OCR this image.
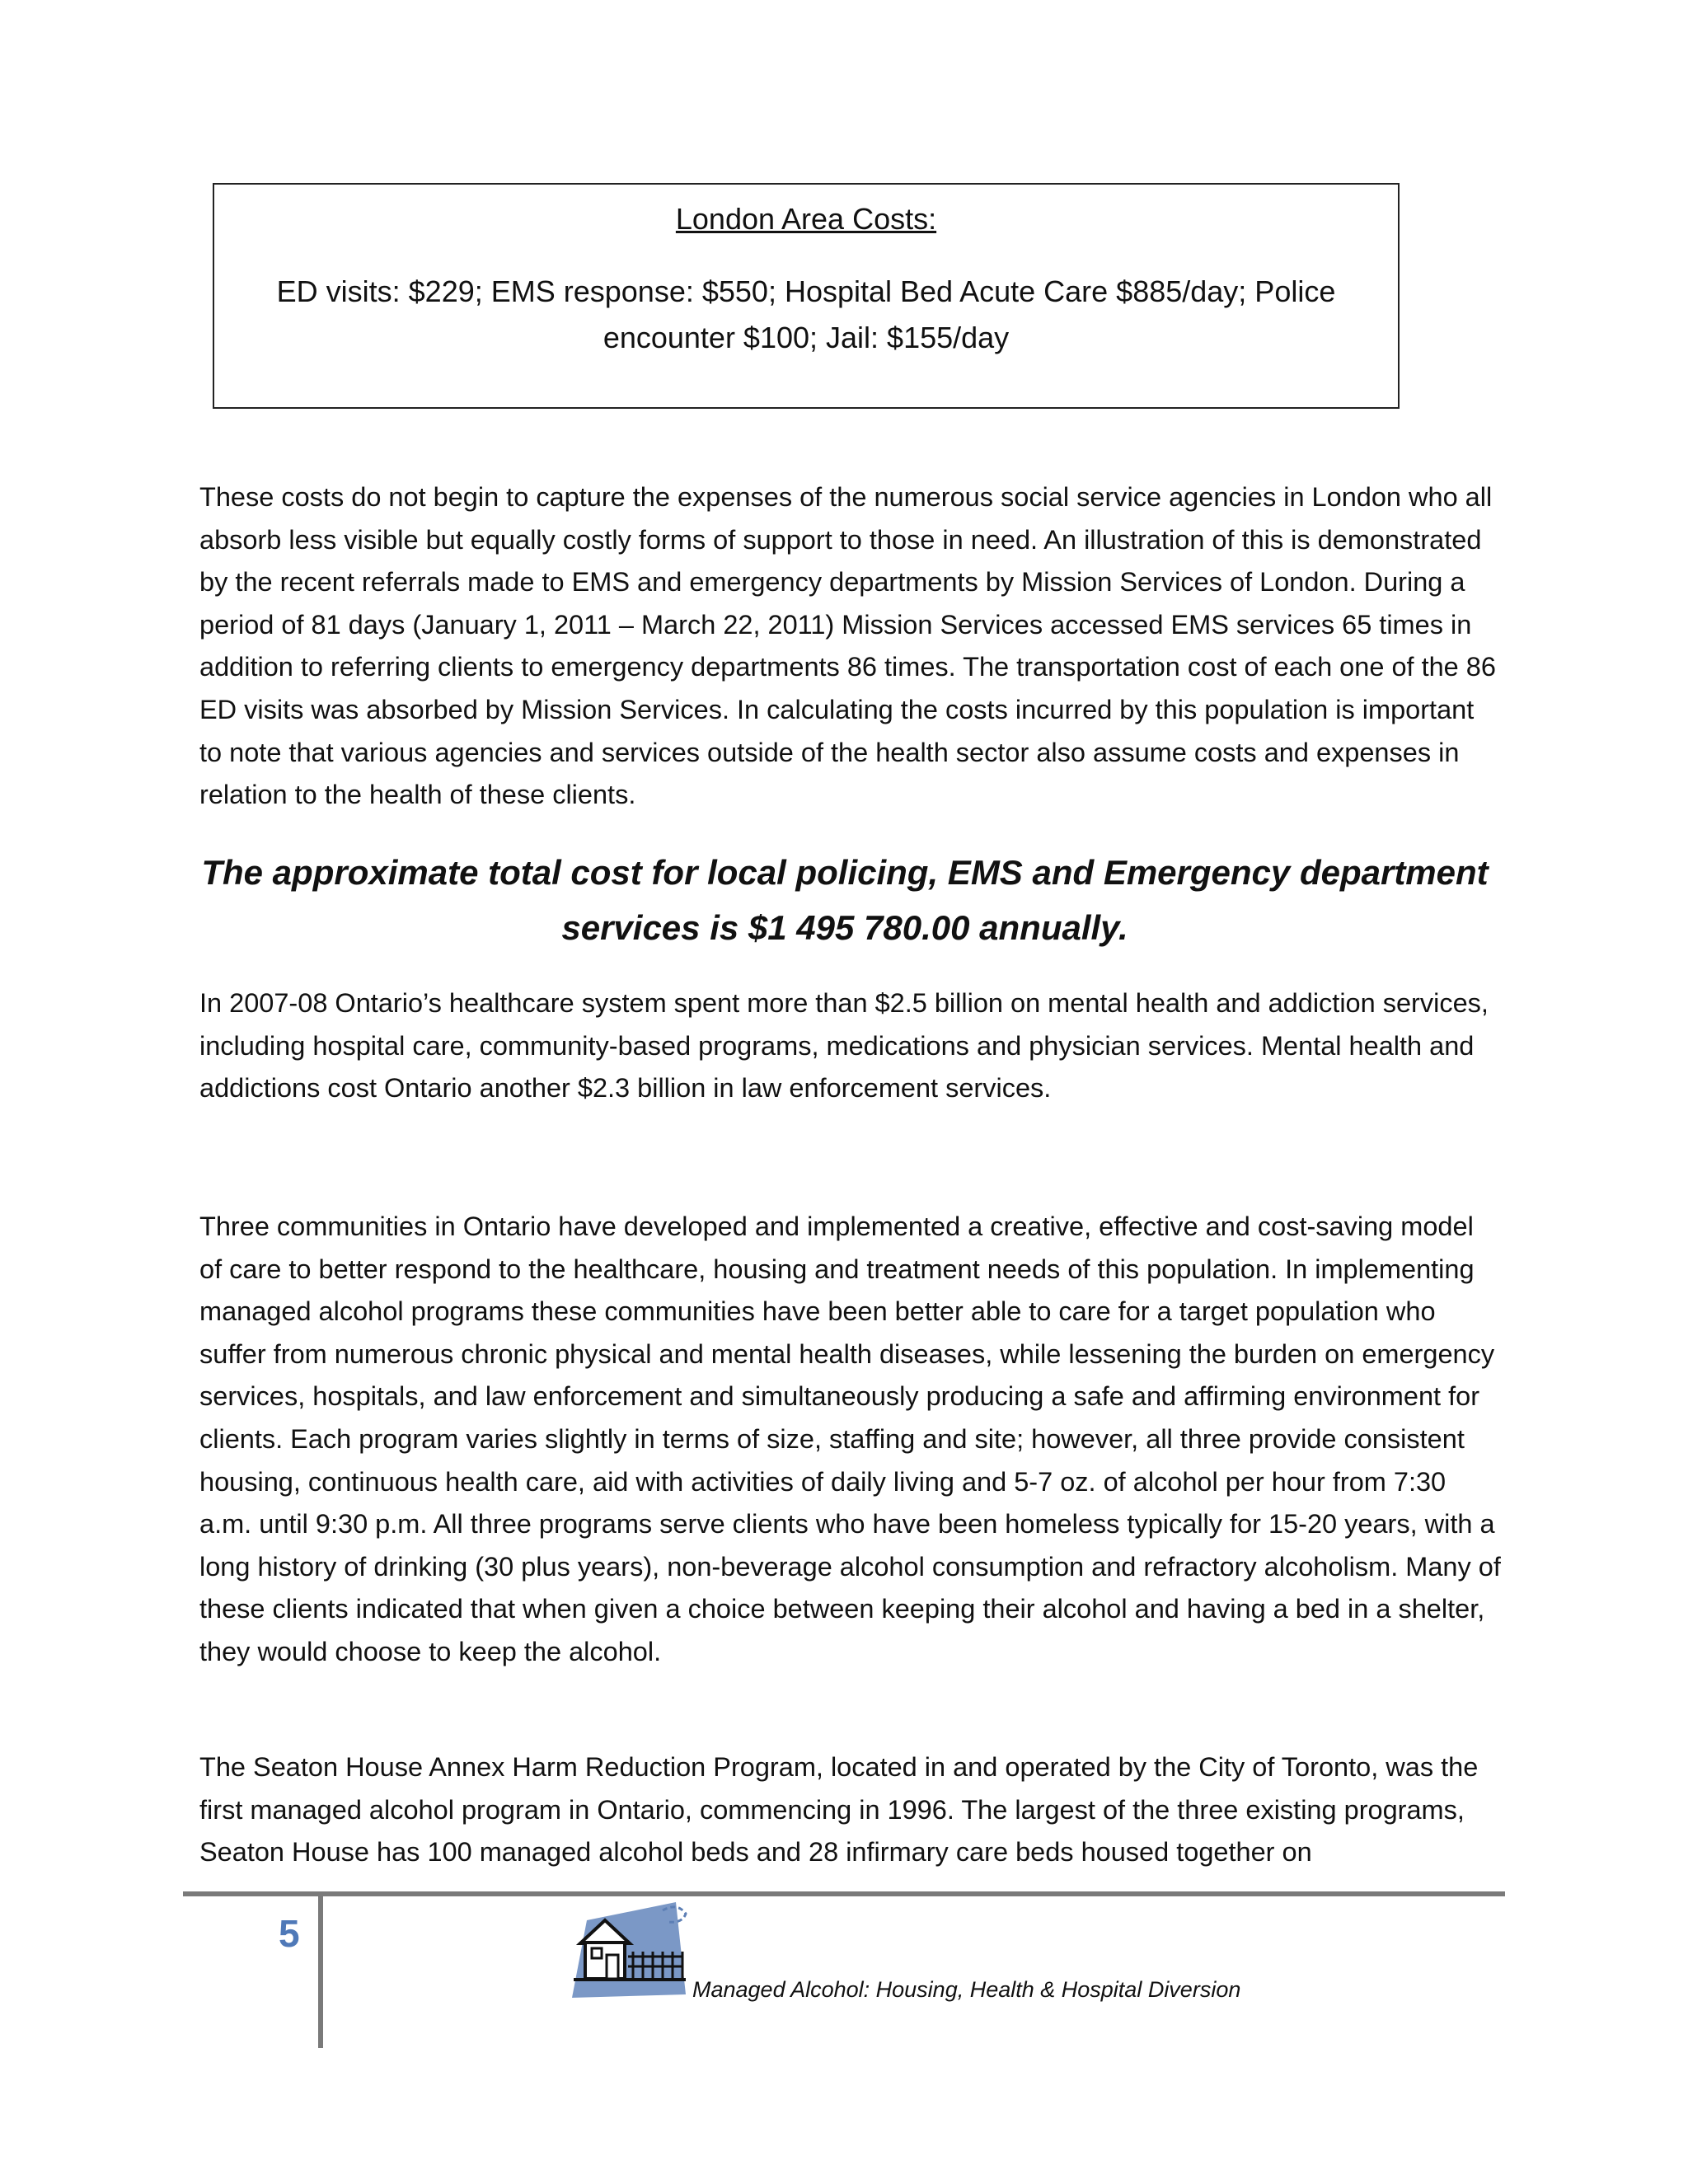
London Area Costs:
ED visits: $229; EMS response: $550; Hospital Bed Acute Care $885/day; Police
encounter $100; Jail: $155/day

These costs do not begin to capture the expenses of the numerous social service agencies in London who all absorb less visible but equally costly forms of support to those in need. An illustration of this is demonstrated by the recent referrals made to EMS and emergency departments by Mission Services of London. During a period of 81 days (January 1, 2011 – March 22, 2011) Mission Services accessed EMS services 65 times in addition to referring clients to emergency departments 86 times. The transportation cost of each one of the 86 ED visits was absorbed by Mission Services. In calculating the costs incurred by this population is important to note that various agencies and services outside of the health sector also assume costs and expenses in relation to the health of these clients.

The approximate total cost for local policing, EMS and Emergency department
services is $1 495 780.00 annually.

In 2007-08 Ontario’s healthcare system spent more than $2.5 billion on mental health and addiction services, including hospital care, community-based programs, medications and physician services. Mental health and addictions cost Ontario another $2.3 billion in law enforcement services.

Three communities in Ontario have developed and implemented a creative, effective and cost-saving model of care to better respond to the healthcare, housing and treatment needs of this population. In implementing managed alcohol programs these communities have been better able to care for a target population who suffer from numerous chronic physical and mental health diseases, while lessening the burden on emergency services, hospitals, and law enforcement and simultaneously producing a safe and affirming environment for clients. Each program varies slightly in terms of size, staffing and site; however, all three provide consistent housing, continuous health care, aid with activities of daily living and 5-7 oz. of alcohol per hour from 7:30 a.m. until 9:30 p.m. All three programs serve clients who have been homeless typically for 15-20 years, with a long history of drinking (30 plus years), non-beverage alcohol consumption and refractory alcoholism. Many of these clients indicated that when given a choice between keeping their alcohol and having a bed in a shelter, they would choose to keep the alcohol.

The Seaton House Annex Harm Reduction Program, located in and operated by the City of Toronto, was the first managed alcohol program in Ontario, commencing in 1996. The largest of the three existing programs, Seaton House has 100 managed alcohol beds and 28 infirmary care beds housed together on

5
Managed Alcohol: Housing, Health & Hospital Diversion
